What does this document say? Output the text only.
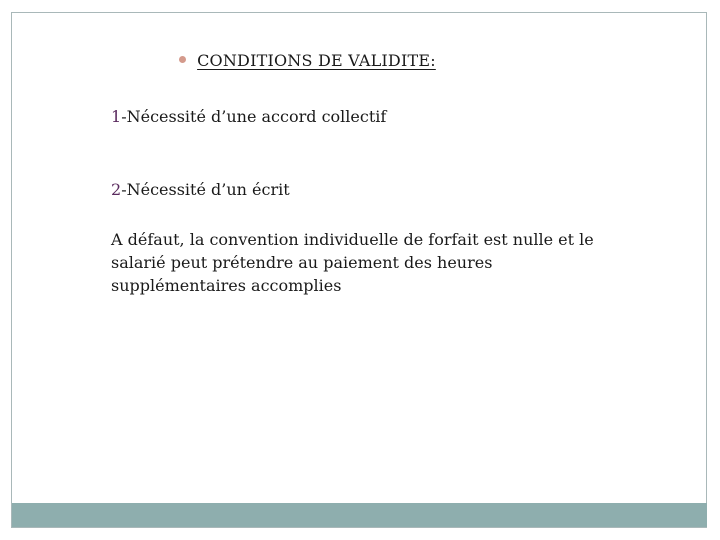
CONDITIONS DE VALIDITE:
1-Nécessité d’une accord collectif
2-Nécessité d’un écrit
A défaut, la convention individuelle de forfait est nulle et le salarié peut prétendre au paiement des heures supplémentaires accomplies
